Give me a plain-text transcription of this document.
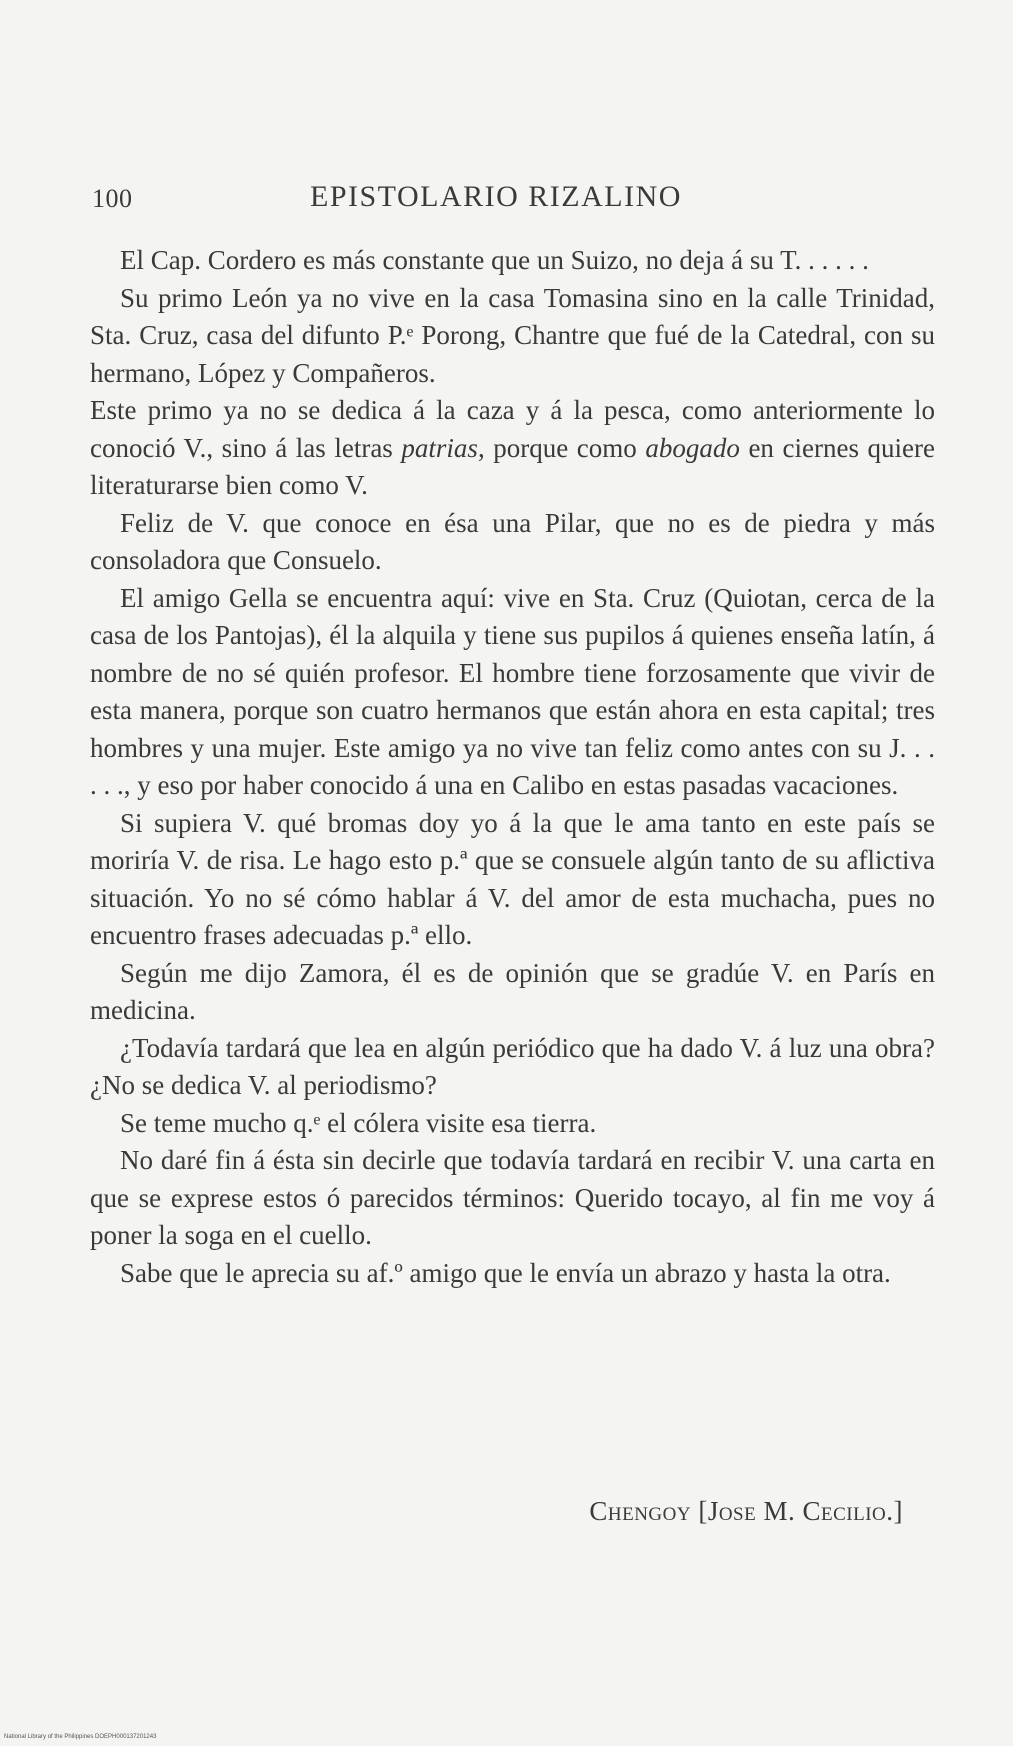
100	EPISTOLARIO RIZALINO

El Cap. Cordero es más constante que un Suizo, no deja á su T. . . . . .

Su primo León ya no vive en la casa Tomasina sino en la calle Trinidad, Sta. Cruz, casa del difunto P.ᵉ Porong, Chantre que fué de la Catedral, con su hermano, López y Compañeros.

Este primo ya no se dedica á la caza y á la pesca, como anteriormente lo conoció V., sino á las letras patrias, porque como abogado en ciernes quiere literaturarse bien como V.

Feliz de V. que conoce en ésa una Pilar, que no es de piedra y más consoladora que Consuelo.

El amigo Gella se encuentra aquí: vive en Sta. Cruz (Quiotan, cerca de la casa de los Pantojas), él la alquila y tiene sus pupilos á quienes enseña latín, á nombre de no sé quién profesor. El hombre tiene forzosamente que vivir de esta manera, porque son cuatro hermanos que están ahora en esta capital; tres hombres y una mujer. Este amigo ya no vive tan feliz como antes con su J. . . . . ., y eso por haber conocido á una en Calibo en estas pasadas vacaciones.

Si supiera V. qué bromas doy yo á la que le ama tanto en este país se moriría V. de risa. Le hago esto p.ª que se consuele algún tanto de su aflictiva situación. Yo no sé cómo hablar á V. del amor de esta muchacha, pues no encuentro frases adecuadas p.ª ello.

Según me dijo Zamora, él es de opinión que se gradúe V. en París en medicina.

¿Todavía tardará que lea en algún periódico que ha dado V. á luz una obra? ¿No se dedica V. al periodismo?

Se teme mucho q.ᵉ el cólera visite esa tierra.

No daré fin á ésta sin decirle que todavía tardará en recibir V. una carta en que se exprese estos ó parecidos términos: Querido tocayo, al fin me voy á poner la soga en el cuello.

Sabe que le aprecia su af.º amigo que le envía un abrazo y hasta la otra.

Chengoy [Jose M. Cecilio.]
National Library of the Philippines DOEPH000137201243
